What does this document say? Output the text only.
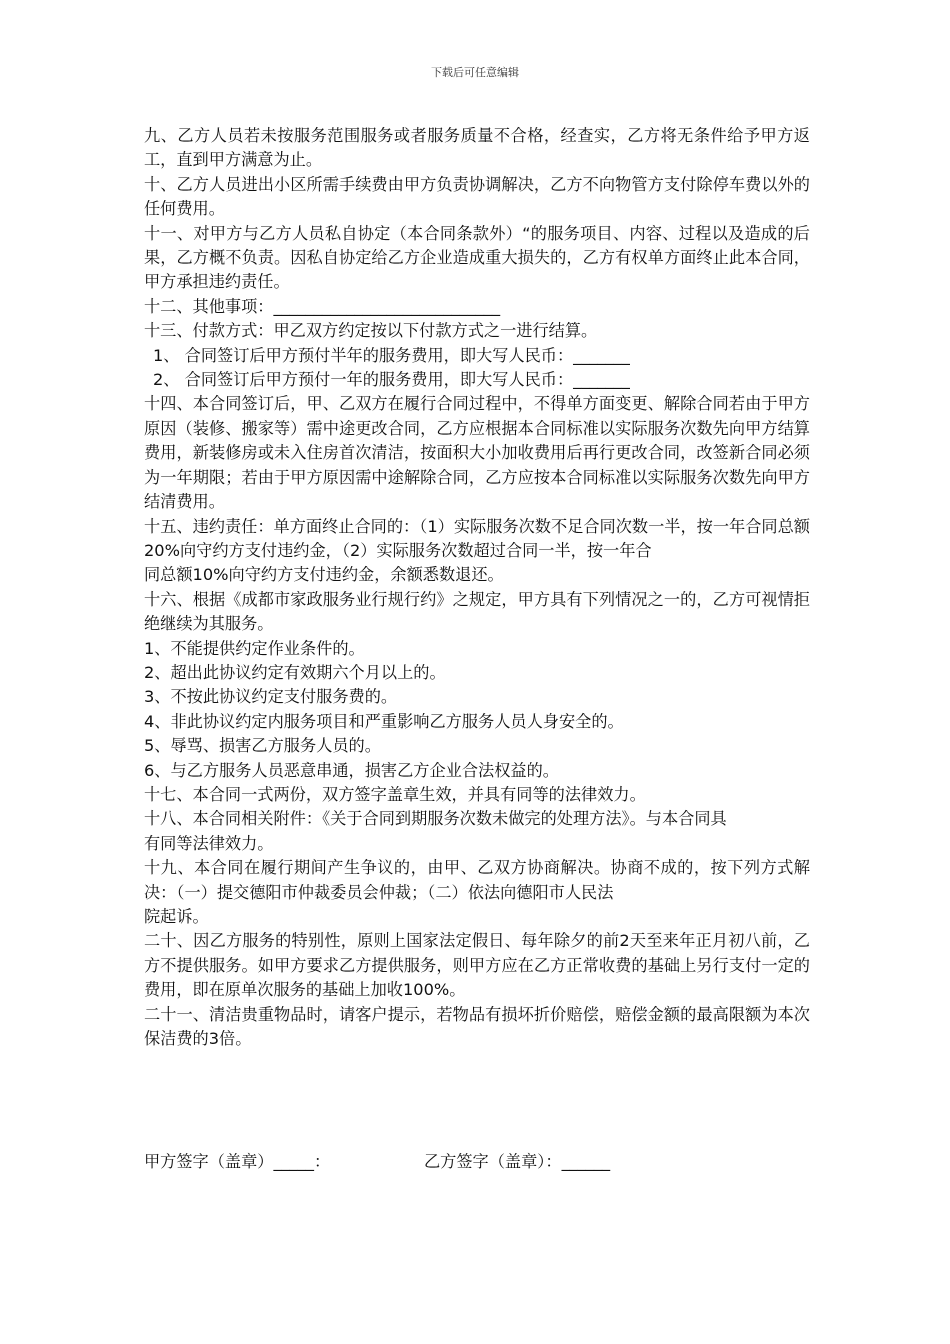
下载后可任意编辑

九、乙方人员若未按服务范围服务或者服务质量不合格，经查实，乙方将无条件给予甲方返工，直到甲方满意为止。

十、乙方人员进出小区所需手续费由甲方负责协调解决，乙方不向物管方支付除停车费以外的任何费用。

十一、对甲方与乙方人员私自协定（本合同条款外）“的服务项目、内容、过程以及造成的后果，乙方概不负责。因私自协定给乙方企业造成重大损失的，乙方有权单方面终止此本合同，甲方承担违约责任。

十二、其他事项：____________________________

十三、付款方式：甲乙双方约定按以下付款方式之一进行结算。

1、 合同签订后甲方预付半年的服务费用，即大写人民币：_______

2、 合同签订后甲方预付一年的服务费用，即大写人民币：_______

十四、本合同签订后，甲、乙双方在履行合同过程中，不得单方面变更、解除合同若由于甲方原因（装修、搬家等）需中途更改合同，乙方应根据本合同标准以实际服务次数先向甲方结算费用，新装修房或未入住房首次清洁，按面积大小加收费用后再行更改合同，改签新合同必须为一年期限；若由于甲方原因需中途解除合同，乙方应按本合同标准以实际服务次数先向甲方结清费用。

十五、违约责任：单方面终止合同的：（1）实际服务次数不足合同次数一半，按一年合同总额20%向守约方支付违约金，（2）实际服务次数超过合同一半，按一年合

同总额10%向守约方支付违约金，余额悉数退还。

十六、根据《成都市家政服务业行规行约》之规定，甲方具有下列情况之一的，乙方可视情拒绝继续为其服务。

1、不能提供约定作业条件的。

2、超出此协议约定有效期六个月以上的。

3、不按此协议约定支付服务费的。

4、非此协议约定内服务项目和严重影响乙方服务人员人身安全的。

5、辱骂、损害乙方服务人员的。

6、与乙方服务人员恶意串通，损害乙方企业合法权益的。

十七、本合同一式两份，双方签字盖章生效，并具有同等的法律效力。

十八、本合同相关附件：《关于合同到期服务次数未做完的处理方法》。与本合同具

有同等法律效力。

十九、本合同在履行期间产生争议的，由甲、乙双方协商解决。协商不成的，按下列方式解决：（一）提交德阳市仲裁委员会仲裁；（二）依法向德阳市人民法

院起诉。

二十、因乙方服务的特别性，原则上国家法定假日、每年除夕的前2天至来年正月初八前，乙方不提供服务。如甲方要求乙方提供服务，则甲方应在乙方正常收费的基础上另行支付一定的费用，即在原单次服务的基础上加收100%。

二十一、清洁贵重物品时，请客户提示，若物品有损坏折价赔偿，赔偿金额的最高限额为本次保洁费的3倍。

甲方签字（盖章）_____：	乙方签字（盖章）：______
